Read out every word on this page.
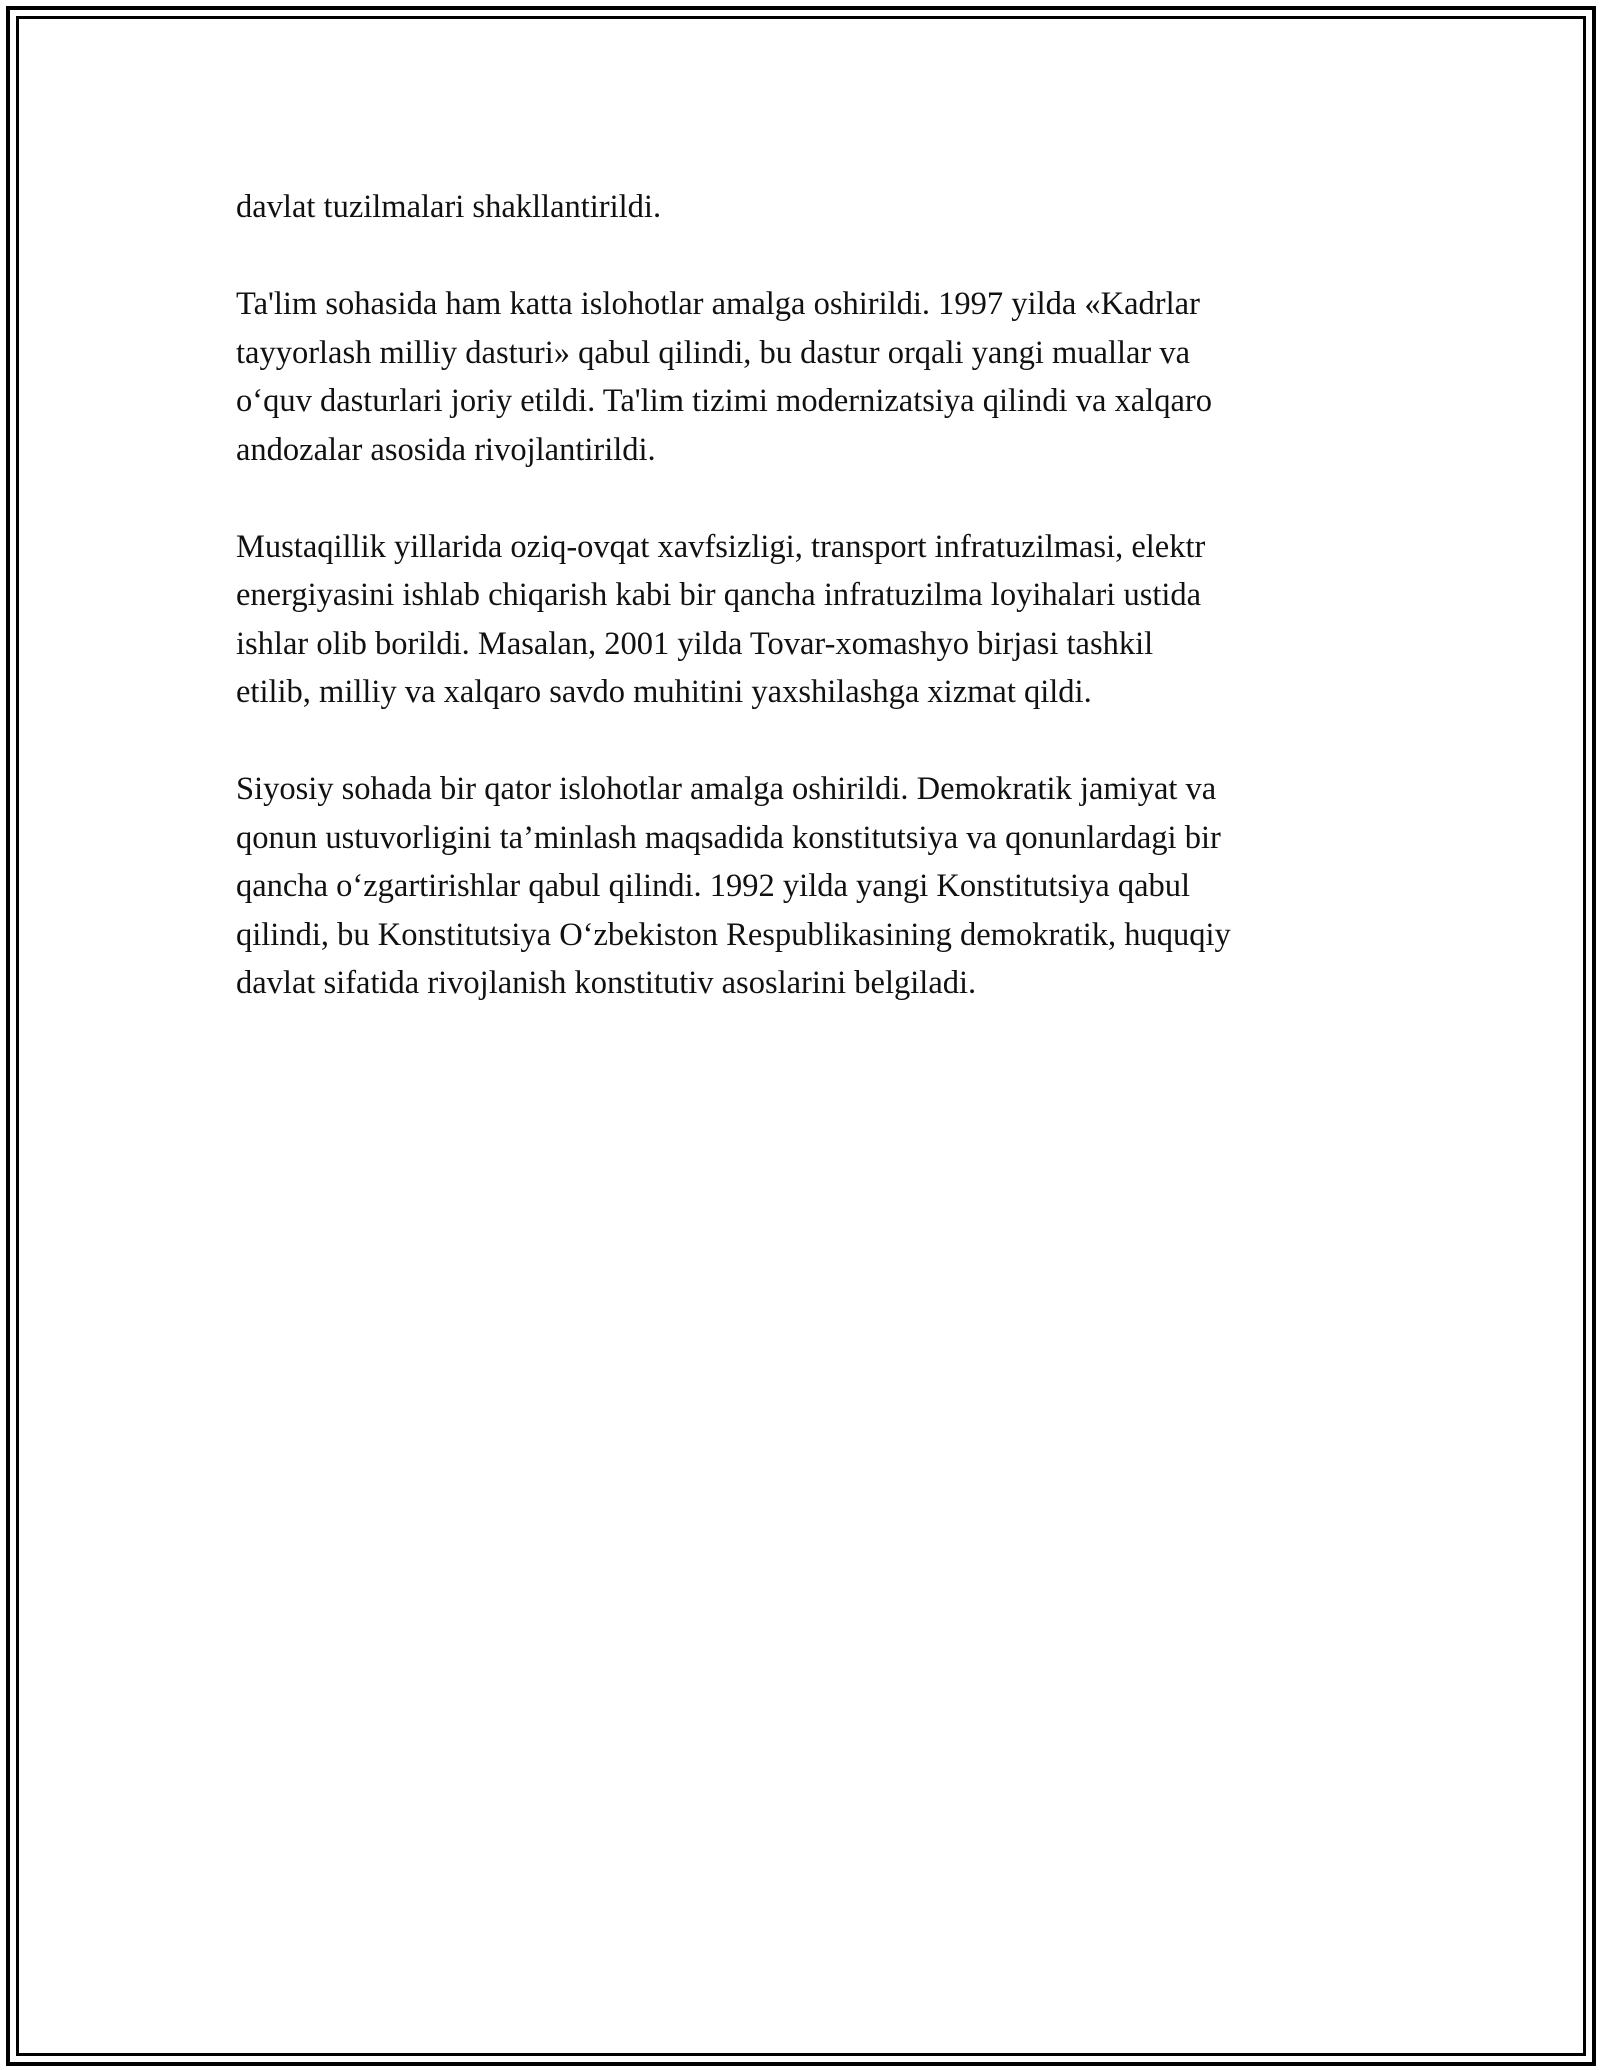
davlat tuzilmalari shakllantirildi.

Ta'lim sohasida ham katta islohotlar amalga oshirildi. 1997 yilda «Kadrlar
tayyorlash milliy dasturi» qabul qilindi, bu dastur orqali yangi muallar va
o‘quv dasturlari joriy etildi. Ta'lim tizimi modernizatsiya qilindi va xalqaro
andozalar asosida rivojlantirildi.

Mustaqillik yillarida oziq-ovqat xavfsizligi, transport infratuzilmasi, elektr
energiyasini ishlab chiqarish kabi bir qancha infratuzilma loyihalari ustida
ishlar olib borildi. Masalan, 2001 yilda Tovar-xomashyo birjasi tashkil
etilib, milliy va xalqaro savdo muhitini yaxshilashga xizmat qildi.

Siyosiy sohada bir qator islohotlar amalga oshirildi. Demokratik jamiyat va
qonun ustuvorligini ta’minlash maqsadida konstitutsiya va qonunlardagi bir
qancha o‘zgartirishlar qabul qilindi. 1992 yilda yangi Konstitutsiya qabul
qilindi, bu Konstitutsiya O‘zbekiston Respublikasining demokratik, huquqiy
davlat sifatida rivojlanish konstitutiv asoslarini belgiladi.
